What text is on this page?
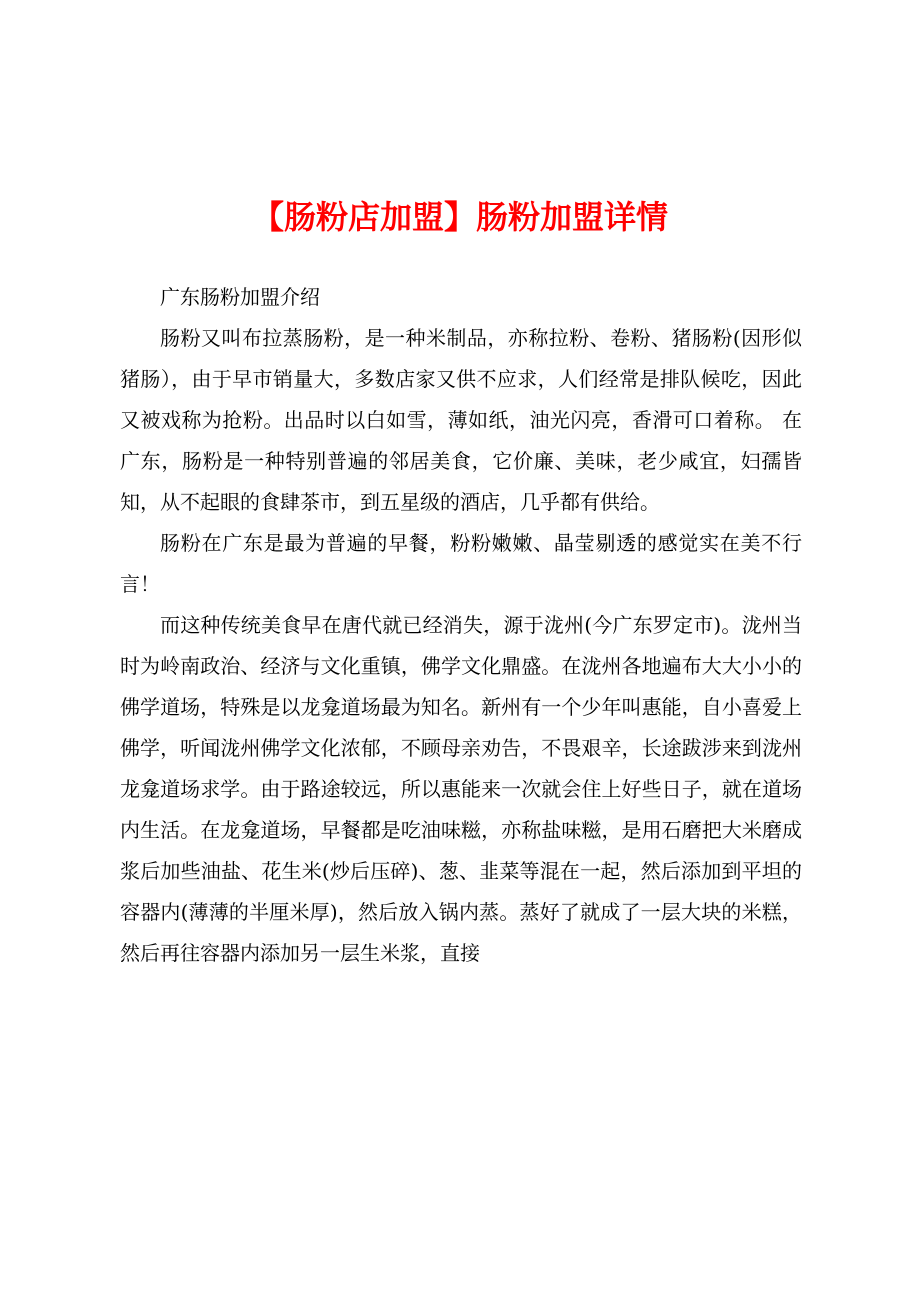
【肠粉店加盟】肠粉加盟详情

广东肠粉加盟介绍

肠粉又叫布拉蒸肠粉，是一种米制品，亦称拉粉、卷粉、猪肠粉(因形似猪肠），由于早市销量大，多数店家又供不应求，人们经常是排队候吃，因此又被戏称为抢粉。出品时以白如雪，薄如纸，油光闪亮，香滑可口着称。 在广东，肠粉是一种特别普遍的邻居美食，它价廉、美味，老少咸宜，妇孺皆知，从不起眼的食肆茶市，到五星级的酒店，几乎都有供给。

肠粉在广东是最为普遍的早餐，粉粉嫩嫩、晶莹剔透的感觉实在美不行言！

而这种传统美食早在唐代就已经消失，源于泷州(今广东罗定市)。泷州当时为岭南政治、经济与文化重镇，佛学文化鼎盛。在泷州各地遍布大大小小的佛学道场，特殊是以龙龛道场最为知名。新州有一个少年叫惠能，自小喜爱上佛学，听闻泷州佛学文化浓郁，不顾母亲劝告，不畏艰辛，长途跋涉来到泷州龙龛道场求学。由于路途较远，所以惠能来一次就会住上好些日子，就在道场内生活。在龙龛道场，早餐都是吃油味糍，亦称盐味糍，是用石磨把大米磨成浆后加些油盐、花生米(炒后压碎)、葱、韭菜等混在一起，然后添加到平坦的容器内(薄薄的半厘米厚)，然后放入锅内蒸。蒸好了就成了一层大块的米糕，然后再往容器内添加另一层生米浆，直接
